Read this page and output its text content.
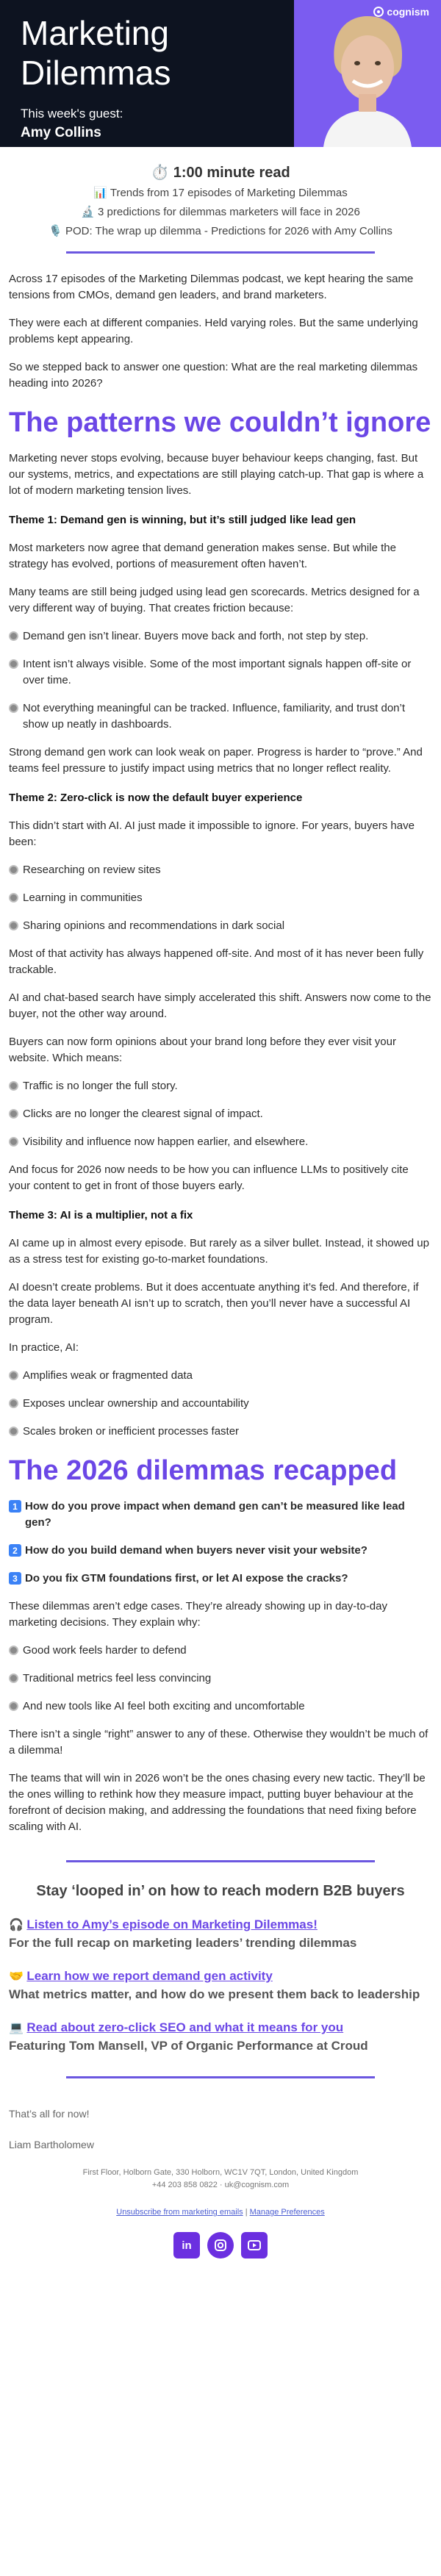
Marketing
Dilemmas
This week's guest:
Amy Collins
cognism
⏱️ 1:00 minute read
📊 Trends from 17 episodes of Marketing Dilemmas
🔬 3 predictions for dilemmas marketers will face in 2026
🎙️ POD: The wrap up dilemma - Predictions for 2026 with Amy Collins

Across 17 episodes of the Marketing Dilemmas podcast, we kept hearing the same tensions from CMOs, demand gen leaders, and brand marketers.

They were each at different companies. Held varying roles. But the same underlying problems kept appearing.

So we stepped back to answer one question: What are the real marketing dilemmas heading into 2026?

The patterns we couldn’t ignore

Marketing never stops evolving, because buyer behaviour keeps changing, fast. But our systems, metrics, and expectations are still playing catch-up. That gap is where a lot of modern marketing tension lives.

Theme 1: Demand gen is winning, but it’s still judged like lead gen

Most marketers now agree that demand generation makes sense. But while the strategy has evolved, portions of measurement often haven’t.

Many teams are still being judged using lead gen scorecards. Metrics designed for a very different way of buying. That creates friction because:

Demand gen isn’t linear. Buyers move back and forth, not step by step.

Intent isn’t always visible. Some of the most important signals happen off-site or over time.

Not everything meaningful can be tracked. Influence, familiarity, and trust don’t show up neatly in dashboards.

Strong demand gen work can look weak on paper. Progress is harder to “prove.” And teams feel pressure to justify impact using metrics that no longer reflect reality.

Theme 2: Zero-click is now the default buyer experience

This didn’t start with AI. AI just made it impossible to ignore. For years, buyers have been:

Researching on review sites

Learning in communities

Sharing opinions and recommendations in dark social

Most of that activity has always happened off-site. And most of it has never been fully trackable.

AI and chat-based search have simply accelerated this shift. Answers now come to the buyer, not the other way around.

Buyers can now form opinions about your brand long before they ever visit your website. Which means:

Traffic is no longer the full story.

Clicks are no longer the clearest signal of impact.

Visibility and influence now happen earlier, and elsewhere.

And focus for 2026 now needs to be how you can influence LLMs to positively cite your content to get in front of those buyers early.

Theme 3: AI is a multiplier, not a fix

AI came up in almost every episode. But rarely as a silver bullet. Instead, it showed up as a stress test for existing go-to-market foundations.

AI doesn’t create problems. But it does accentuate anything it’s fed. And therefore, if the data layer beneath AI isn’t up to scratch, then you’ll never have a successful AI program.

In practice, AI:

Amplifies weak or fragmented data

Exposes unclear ownership and accountability

Scales broken or inefficient processes faster

The 2026 dilemmas recapped

1 How do you prove impact when demand gen can’t be measured like lead gen?

2 How do you build demand when buyers never visit your website?

3 Do you fix GTM foundations first, or let AI expose the cracks?

These dilemmas aren’t edge cases. They’re already showing up in day-to-day marketing decisions. They explain why:

Good work feels harder to defend

Traditional metrics feel less convincing

And new tools like AI feel both exciting and uncomfortable

There isn’t a single “right” answer to any of these. Otherwise they wouldn’t be much of a dilemma!

The teams that will win in 2026 won’t be the ones chasing every new tactic. They’ll be the ones willing to rethink how they measure impact, putting buyer behaviour at the forefront of decision making, and addressing the foundations that need fixing before scaling with AI.

Stay ‘looped in’ on how to reach modern B2B buyers
🎧 Listen to Amy’s episode on Marketing Dilemmas!
For the full recap on marketing leaders’ trending dilemmas
🤝 Learn how we report demand gen activity
What metrics matter, and how do we present them back to leadership
💻 Read about zero-click SEO and what it means for you
Featuring Tom Mansell, VP of Organic Performance at Croud
That’s all for now!
Liam Bartholomew
First Floor, Holborn Gate, 330 Holborn, WC1V 7QT, London, United Kingdom
+44 203 858 0822 · uk@cognism.com
Unsubscribe from marketing emails | Manage Preferences
in
